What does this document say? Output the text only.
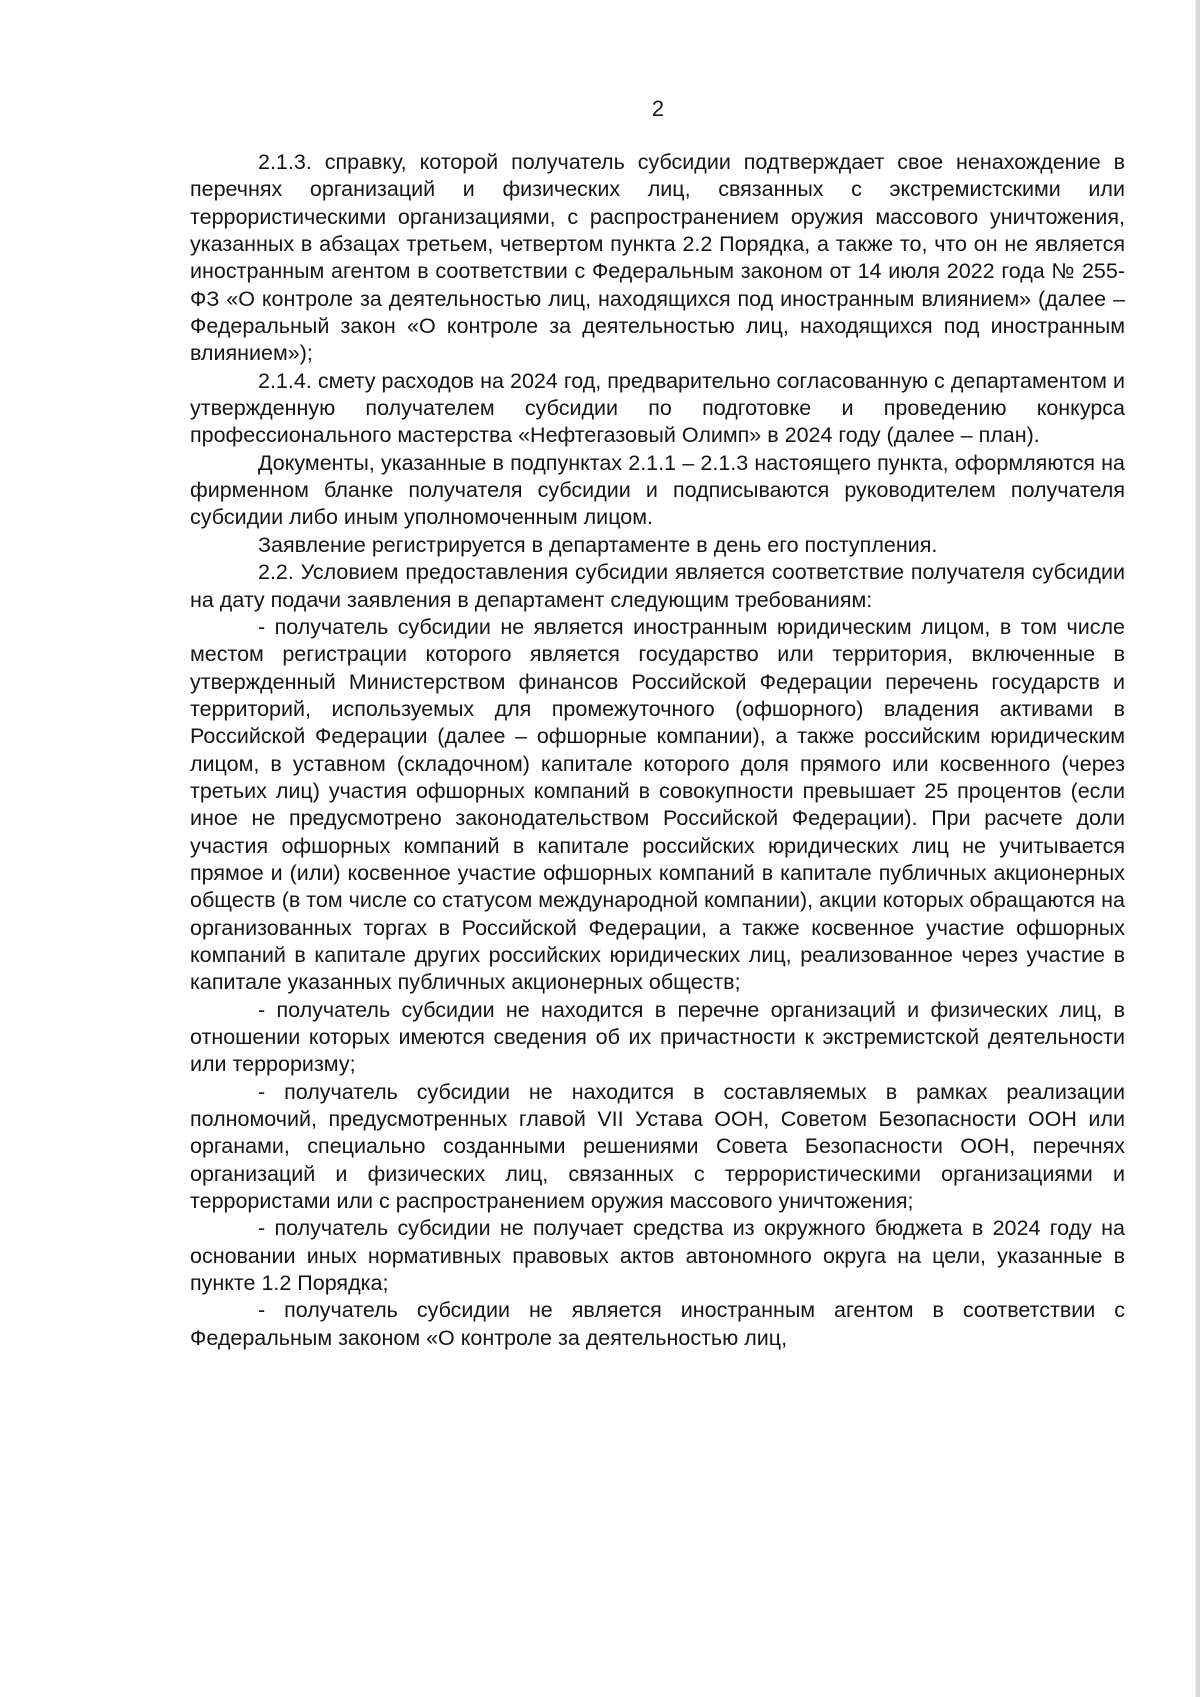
2

2.1.3. справку, которой получатель субсидии подтверждает свое ненахождение в перечнях организаций и физических лиц, связанных с экстремистскими или террористическими организациями, с распространением оружия массового уничтожения, указанных в абзацах третьем, четвертом пункта 2.2 Порядка, а также то, что он не является иностранным агентом в соответствии с Федеральным законом от 14 июля 2022 года № 255-ФЗ «О контроле за деятельностью лиц, находящихся под иностранным влиянием» (далее – Федеральный закон «О контроле за деятельностью лиц, находящихся под иностранным влиянием»);

2.1.4. смету расходов на 2024 год, предварительно согласованную с департаментом и утвержденную получателем субсидии по подготовке и проведению конкурса профессионального мастерства «Нефтегазовый Олимп» в 2024 году (далее – план).

Документы, указанные в подпунктах 2.1.1 – 2.1.3 настоящего пункта, оформляются на фирменном бланке получателя субсидии и подписываются руководителем получателя субсидии либо иным уполномоченным лицом.

Заявление регистрируется в департаменте в день его поступления.

2.2. Условием предоставления субсидии является соответствие получателя субсидии на дату подачи заявления в департамент следующим требованиям:

- получатель субсидии не является иностранным юридическим лицом, в том числе местом регистрации которого является государство или территория, включенные в утвержденный Министерством финансов Российской Федерации перечень государств и территорий, используемых для промежуточного (офшорного) владения активами в Российской Федерации (далее – офшорные компании), а также российским юридическим лицом, в уставном (складочном) капитале которого доля прямого или косвенного (через третьих лиц) участия офшорных компаний в совокупности превышает 25 процентов (если иное не предусмотрено законодательством Российской Федерации). При расчете доли участия офшорных компаний в капитале российских юридических лиц не учитывается прямое и (или) косвенное участие офшорных компаний в капитале публичных акционерных обществ (в том числе со статусом международной компании), акции которых обращаются на организованных торгах в Российской Федерации, а также косвенное участие офшорных компаний в капитале других российских юридических лиц, реализованное через участие в капитале указанных публичных акционерных обществ;

- получатель субсидии не находится в перечне организаций и физических лиц, в отношении которых имеются сведения об их причастности к экстремистской деятельности или терроризму;

- получатель субсидии не находится в составляемых в рамках реализации полномочий, предусмотренных главой VII Устава ООН, Советом Безопасности ООН или органами, специально созданными решениями Совета Безопасности ООН, перечнях организаций и физических лиц, связанных с террористическими организациями и террористами или с распространением оружия массового уничтожения;

- получатель субсидии не получает средства из окружного бюджета в 2024 году на основании иных нормативных правовых актов автономного округа на цели, указанные в пункте 1.2 Порядка;

- получатель субсидии не является иностранным агентом в соответствии с Федеральным законом «О контроле за деятельностью лиц,
